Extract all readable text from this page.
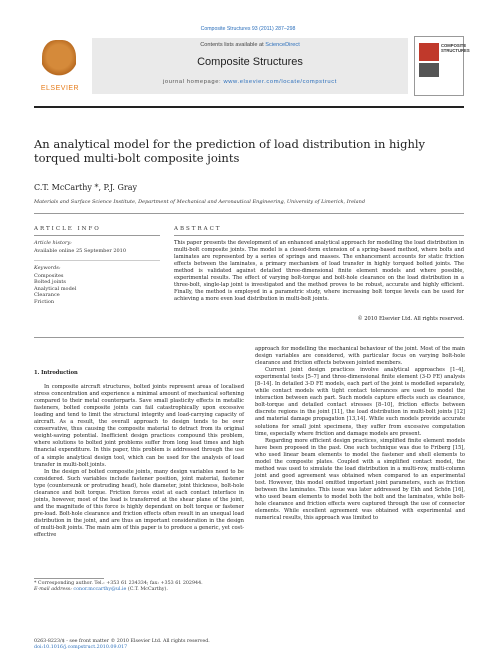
Composite Structures 93 (2011) 287–298
ELSEVIER
Contents lists available at ScienceDirect
Composite Structures
journal homepage: www.elsevier.com/locate/compstruct
COMPOSITE STRUCTURES
An analytical model for the prediction of load distribution in highly torqued multi-bolt composite joints
C.T. McCarthy *, P.J. Gray
Materials and Surface Science Institute, Department of Mechanical and Aeronautical Engineering, University of Limerick, Ireland
ARTICLE INFO	ABSTRACT
Article history:
Available online 25 September 2010
Keywords:
Composites
Bolted joints
Analytical model
Clearance
Friction
This paper presents the development of an enhanced analytical approach for modelling the load distribution in multi-bolt composite joints. The model is a closed-form extension of a spring-based method, where bolts and laminates are represented by a series of springs and masses. The enhancement accounts for static friction effects between the laminates, a primary mechanism of load transfer in highly torqued bolted joints. The method is validated against detailed three-dimensional finite element models and where possible, experimental results. The effect of varying bolt-torque and bolt-hole clearance on the load distribution in a three-bolt, single-lap joint is investigated and the method proves to be robust, accurate and highly efficient. Finally, the method is employed in a parametric study, where increasing bolt torque levels can be used for achieving a more even load distribution in multi-bolt joints.
© 2010 Elsevier Ltd. All rights reserved.
1. Introduction

In composite aircraft structures, bolted joints represent areas of localised stress concentration and experience a minimal amount of mechanical softening compared to their metal counterparts. Save small plasticity effects in metallic fasteners, bolted composite joints can fail catastrophically upon excessive loading and tend to limit the structural integrity and load-carrying capacity of aircraft. As a result, the overall approach to design tends to be over conservative, thus causing the composite material to detract from its original weight-saving potential. Inefficient design practices compound this problem, where solutions to bolted joint problems suffer from long lead times and high financial expenditure. In this paper, this problem is addressed through the use of a simple analytical design tool, which can be used for the analysis of load transfer in multi-bolt joints.

In the design of bolted composite joints, many design variables need to be considered. Such variables include fastener position, joint material, fastener type (countersunk or protruding head), hole diameter, joint thickness, bolt-hole clearance and bolt torque. Friction forces exist at each contact interface in joints, however, most of the load is transferred at the shear plane of the joint, and the magnitude of this force is highly dependant on bolt torque or fastener pre-load. Bolt-hole clearance and friction effects often result in an unequal load distribution in the joint, and are thus an important consideration in the design of multi-bolt joints. The main aim of this paper is to produce a generic, yet cost-effective

approach for modelling the mechanical behaviour of the joint. Most of the main design variables are considered, with particular focus on varying bolt-hole clearance and friction effects between jointed members.

Current joint design practices involve analytical approaches [1–4], experimental tests [5–7] and three-dimensional finite element (3-D FE) analysis [8–14]. In detailed 3-D FE models, each part of the joint is modelled separately, while contact models with tight contact tolerances are used to model the interaction between each part. Such models capture effects such as clearance, bolt-torque and detailed contact stresses [8–10], friction effects between discrete regions in the joint [11], the load distribution in multi-bolt joints [12] and material damage propagation [13,14]. While such models provide accurate solutions for small joint specimens, they suffer from excessive computation time, especially where friction and damage models are present.

Regarding more efficient design practices, simplified finite element models have been proposed in the past. One such technique was due to Friberg [15], who used linear beam elements to model the fastener and shell elements to model the composite plates. Coupled with a simplified contact model, the method was used to simulate the load distribution in a multi-row, multi-column joint and good agreement was obtained when compared to an experimental test. However, this model omitted important joint parameters, such as friction between the laminates. This issue was later addressed by Ekh and Schön [16], who used beam elements to model both the bolt and the laminates, while bolt-hole clearance and friction effects were captured through the use of connector elements. While excellent agreement was obtained with experimental and numerical results, this approach was limited to

* Corresponding author. Tel.: +353 61 234334; fax: +353 61 202944.
E-mail address: conor.mccarthy@ul.ie (C.T. McCarthy).
0263-8223/$ - see front matter © 2010 Elsevier Ltd. All rights reserved.
doi:10.1016/j.compstruct.2010.09.017
